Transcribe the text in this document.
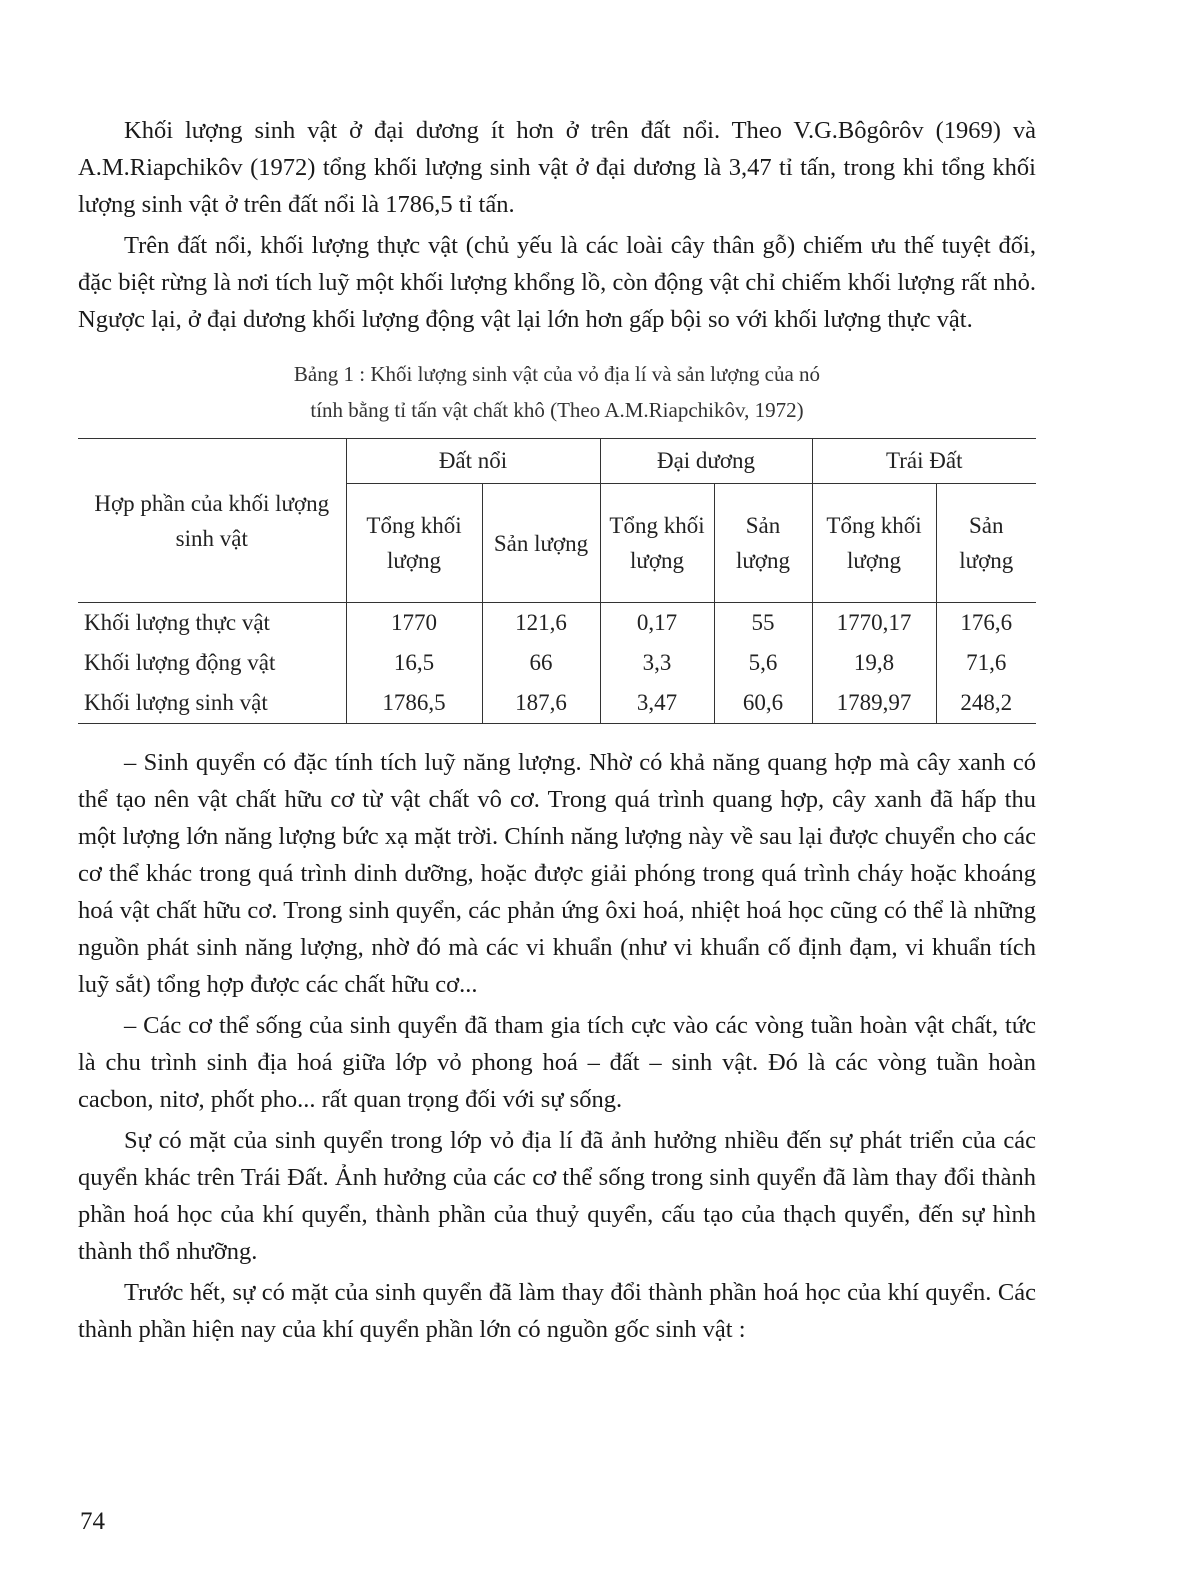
Khối lượng sinh vật ở đại dương ít hơn ở trên đất nổi. Theo V.G.Bôgôrôv (1969) và A.M.Riapchikôv (1972) tổng khối lượng sinh vật ở đại dương là 3,47 tỉ tấn, trong khi tổng khối lượng sinh vật ở trên đất nổi là 1786,5 tỉ tấn.

Trên đất nổi, khối lượng thực vật (chủ yếu là các loài cây thân gỗ) chiếm ưu thế tuyệt đối, đặc biệt rừng là nơi tích luỹ một khối lượng khổng lồ, còn động vật chỉ chiếm khối lượng rất nhỏ. Ngược lại, ở đại dương khối lượng động vật lại lớn hơn gấp bội so với khối lượng thực vật.

Bảng 1 : Khối lượng sinh vật của vỏ địa lí và sản lượng của nó
tính bằng tỉ tấn vật chất khô (Theo A.M.Riapchikôv, 1972)
Hợp phần của khối lượng sinh vật	Đất nổi		Đại dương		Trái Đất	
	Tổng khối lượng	Sản lượng	Tổng khối lượng	Sản lượng	Tổng khối lượng	Sản lượng
Khối lượng thực vật	1770	121,6	0,17	55	1770,17	176,6
Khối lượng động vật	16,5	66	3,3	5,6	19,8	71,6
Khối lượng sinh vật	1786,5	187,6	3,47	60,6	1789,97	248,2

– Sinh quyển có đặc tính tích luỹ năng lượng. Nhờ có khả năng quang hợp mà cây xanh có thể tạo nên vật chất hữu cơ từ vật chất vô cơ. Trong quá trình quang hợp, cây xanh đã hấp thu một lượng lớn năng lượng bức xạ mặt trời. Chính năng lượng này về sau lại được chuyển cho các cơ thể khác trong quá trình dinh dưỡng, hoặc được giải phóng trong quá trình cháy hoặc khoáng hoá vật chất hữu cơ. Trong sinh quyển, các phản ứng ôxi hoá, nhiệt hoá học cũng có thể là những nguồn phát sinh năng lượng, nhờ đó mà các vi khuẩn (như vi khuẩn cố định đạm, vi khuẩn tích luỹ sắt) tổng hợp được các chất hữu cơ...

– Các cơ thể sống của sinh quyển đã tham gia tích cực vào các vòng tuần hoàn vật chất, tức là chu trình sinh địa hoá giữa lớp vỏ phong hoá – đất – sinh vật. Đó là các vòng tuần hoàn cacbon, nitơ, phốt pho... rất quan trọng đối với sự sống.

Sự có mặt của sinh quyển trong lớp vỏ địa lí đã ảnh hưởng nhiều đến sự phát triển của các quyển khác trên Trái Đất. Ảnh hưởng của các cơ thể sống trong sinh quyển đã làm thay đổi thành phần hoá học của khí quyển, thành phần của thuỷ quyển, cấu tạo của thạch quyển, đến sự hình thành thổ nhưỡng.

Trước hết, sự có mặt của sinh quyển đã làm thay đổi thành phần hoá học của khí quyển. Các thành phần hiện nay của khí quyển phần lớn có nguồn gốc sinh vật :

74
